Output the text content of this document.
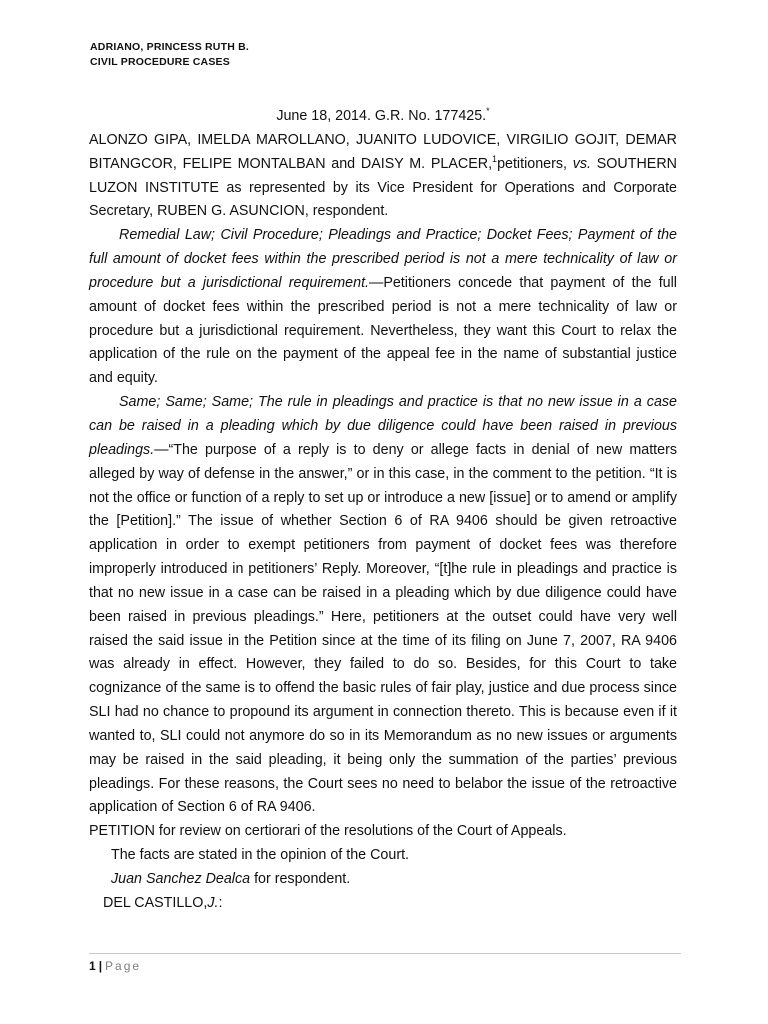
ADRIANO, PRINCESS RUTH B.
CIVIL PROCEDURE CASES
June 18, 2014. G.R. No. 177425.*
ALONZO GIPA, IMELDA MAROLLANO, JUANITO LUDOVICE, VIRGILIO GOJIT, DEMAR BITANGCOR, FELIPE MONTALBAN and DAISY M. PLACER,$^1$petitioners, vs. SOUTHERN LUZON INSTITUTE as represented by its Vice President for Operations and Corporate Secretary, RUBEN G. ASUNCION, respondent.
Remedial Law; Civil Procedure; Pleadings and Practice; Docket Fees; Payment of the full amount of docket fees within the prescribed period is not a mere technicality of law or procedure but a jurisdictional requirement.—Petitioners concede that payment of the full amount of docket fees within the prescribed period is not a mere technicality of law or procedure but a jurisdictional requirement. Nevertheless, they want this Court to relax the application of the rule on the payment of the appeal fee in the name of substantial justice and equity.
Same; Same; Same; The rule in pleadings and practice is that no new issue in a case can be raised in a pleading which by due diligence could have been raised in previous pleadings.—“The purpose of a reply is to deny or allege facts in denial of new matters alleged by way of defense in the answer,” or in this case, in the comment to the petition. “It is not the office or function of a reply to set up or introduce a new [issue] or to amend or amplify the [Petition].” The issue of whether Section 6 of RA 9406 should be given retroactive application in order to exempt petitioners from payment of docket fees was therefore improperly introduced in petitioners’ Reply. Moreover, “[t]he rule in pleadings and practice is that no new issue in a case can be raised in a pleading which by due diligence could have been raised in previous pleadings.” Here, petitioners at the outset could have very well raised the said issue in the Petition since at the time of its filing on June 7, 2007, RA 9406 was already in effect. However, they failed to do so. Besides, for this Court to take cognizance of the same is to offend the basic rules of fair play, justice and due process since SLI had no chance to propound its argument in connection thereto. This is because even if it wanted to, SLI could not anymore do so in its Memorandum as no new issues or arguments may be raised in the said pleading, it being only the summation of the parties’ previous pleadings. For these reasons, the Court sees no need to belabor the issue of the retroactive application of Section 6 of RA 9406.
PETITION for review on certiorari of the resolutions of the Court of Appeals.
The facts are stated in the opinion of the Court.
Juan Sanchez Dealca for respondent.
DEL CASTILLO,J.:
1 | Page
